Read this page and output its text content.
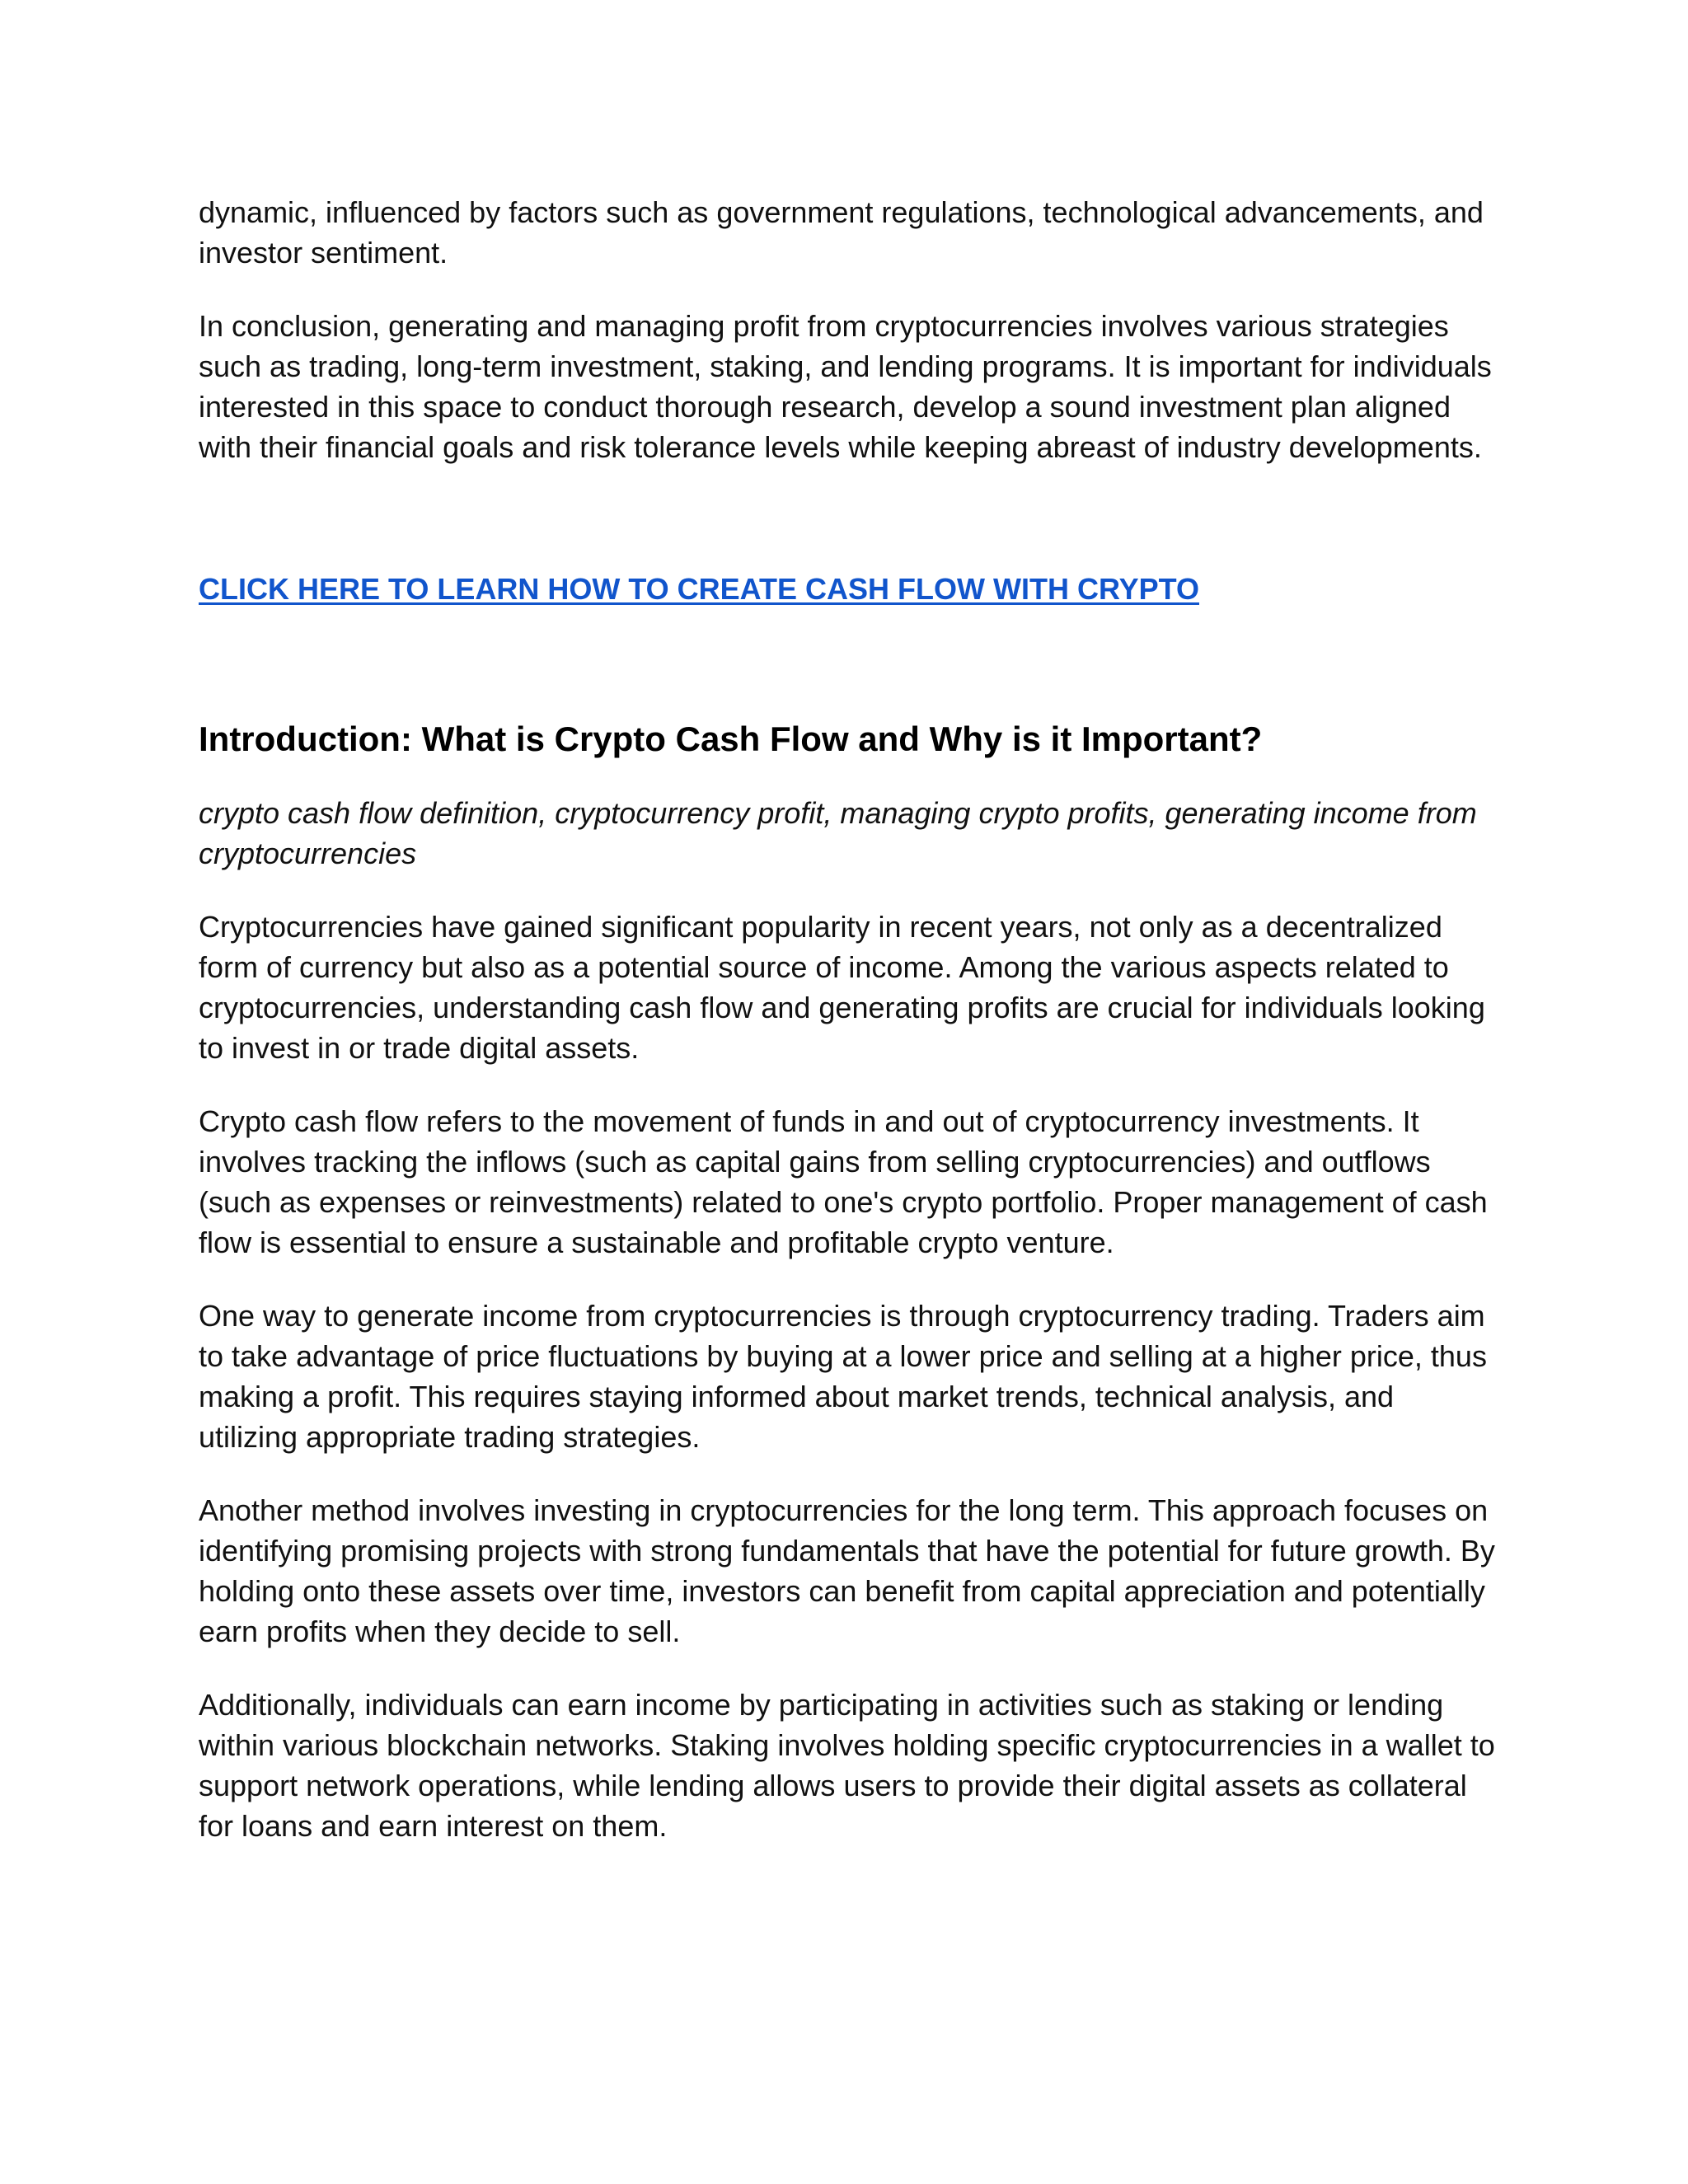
dynamic, influenced by factors such as government regulations, technological advancements, and investor sentiment.

In conclusion, generating and managing profit from cryptocurrencies involves various strategies such as trading, long-term investment, staking, and lending programs. It is important for individuals interested in this space to conduct thorough research, develop a sound investment plan aligned with their financial goals and risk tolerance levels while keeping abreast of industry developments.

CLICK HERE TO LEARN HOW TO CREATE CASH FLOW WITH CRYPTO
Introduction: What is Crypto Cash Flow and Why is it Important?

crypto cash flow definition, cryptocurrency profit, managing crypto profits, generating income from cryptocurrencies

Cryptocurrencies have gained significant popularity in recent years, not only as a decentralized form of currency but also as a potential source of income. Among the various aspects related to cryptocurrencies, understanding cash flow and generating profits are crucial for individuals looking to invest in or trade digital assets.

Crypto cash flow refers to the movement of funds in and out of cryptocurrency investments. It involves tracking the inflows (such as capital gains from selling cryptocurrencies) and outflows (such as expenses or reinvestments) related to one's crypto portfolio. Proper management of cash flow is essential to ensure a sustainable and profitable crypto venture.

One way to generate income from cryptocurrencies is through cryptocurrency trading. Traders aim to take advantage of price fluctuations by buying at a lower price and selling at a higher price, thus making a profit. This requires staying informed about market trends, technical analysis, and utilizing appropriate trading strategies.

Another method involves investing in cryptocurrencies for the long term. This approach focuses on identifying promising projects with strong fundamentals that have the potential for future growth. By holding onto these assets over time, investors can benefit from capital appreciation and potentially earn profits when they decide to sell.

Additionally, individuals can earn income by participating in activities such as staking or lending within various blockchain networks. Staking involves holding specific cryptocurrencies in a wallet to support network operations, while lending allows users to provide their digital assets as collateral for loans and earn interest on them.
